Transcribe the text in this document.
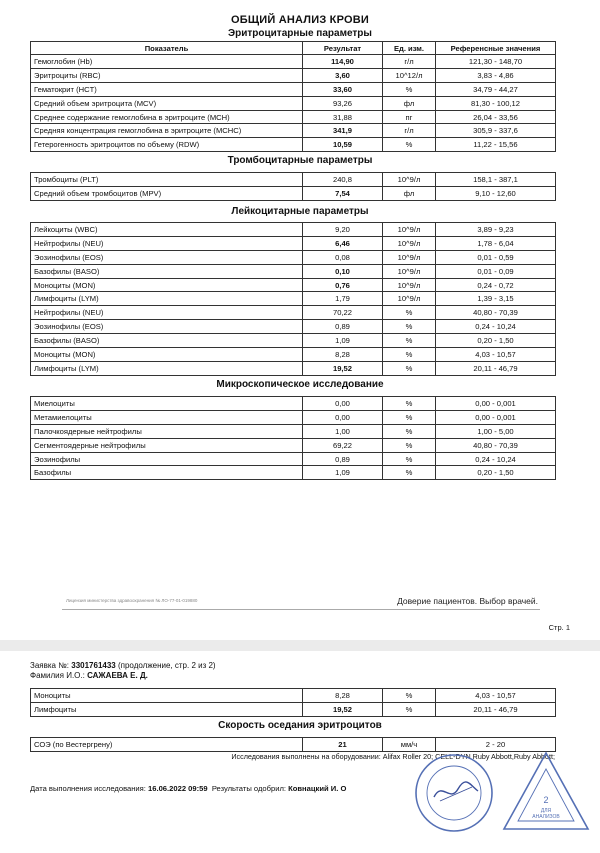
ОБЩИЙ АНАЛИЗ КРОВИ
Эритроцитарные параметры
Показатель	Результат	Ед. изм.	Референсные значения
Гемоглобин (Hb)	114,90	г/л	121,30 - 148,70
Эритроциты (RBC)	3,60	10^12/л	3,83 - 4,86
Гематокрит (HCT)	33,60	%	34,79 - 44,27
Средний объем эритроцита (MCV)	93,26	фл	81,30 - 100,12
Среднее содержание гемоглобина в эритроците (MCH)	31,88	пг	26,04 - 33,56
Средняя концентрация гемоглобина в эритроците (MCHC)	341,9	г/л	305,9 - 337,6
Гетерогенность эритроцитов по объему (RDW)	10,59	%	11,22 - 15,56
Тромбоцитарные параметры
Тромбоциты (PLT)	240,8	10^9/л	158,1 - 387,1
Средний объем тромбоцитов (MPV)	7,54	фл	9,10 - 12,60
Лейкоцитарные параметры
Лейкоциты (WBC)	9,20	10^9/л	3,89 - 9,23
Нейтрофилы (NEU)	6,46	10^9/л	1,78 - 6,04
Эозинофилы (EOS)	0,08	10^9/л	0,01 - 0,59
Базофилы (BASO)	0,10	10^9/л	0,01 - 0,09
Моноциты (MON)	0,76	10^9/л	0,24 - 0,72
Лимфоциты (LYM)	1,79	10^9/л	1,39 - 3,15
Нейтрофилы (NEU)	70,22	%	40,80 - 70,39
Эозинофилы (EOS)	0,89	%	0,24 - 10,24
Базофилы (BASO)	1,09	%	0,20 - 1,50
Моноциты (MON)	8,28	%	4,03 - 10,57
Лимфоциты (LYM)	19,52	%	20,11 - 46,79
Микроскопическое исследование
Миелоциты	0,00	%	0,00 - 0,001
Метамиелоциты	0,00	%	0,00 - 0,001
Палочкоядерные нейтрофилы	1,00	%	1,00 - 5,00
Сегментоядерные нейтрофилы	69,22	%	40,80 - 70,39
Эозинофилы	0,89	%	0,24 - 10,24
Базофилы	1,09	%	0,20 - 1,50
Лицензия министерства здравоохранения № ЛО-77-01-019880	Доверие пациентов. Выбор врачей.
Стр. 1
Заявка №: 3301761433 (продолжение, стр. 2 из 2)
Фамилия И.О.: САЖАЕВА Е. Д.
Моноциты	8,28	%	4,03 - 10,57
Лимфоциты	19,52	%	20,11 - 46,79
Скорость оседания эритроцитов
СОЭ (по Вестергрену)	21	мм/ч	2 - 20
Исследования выполнены на оборудовании: Alifax Roller 20; CELL-DYN Ruby Abbott,Ruby Abbott;
Дата выполнения исследования: 16.06.2022 09:59 Результаты одобрил: Ковнацкий И. О
2
ДЛЯ
АНАЛИЗОВ
